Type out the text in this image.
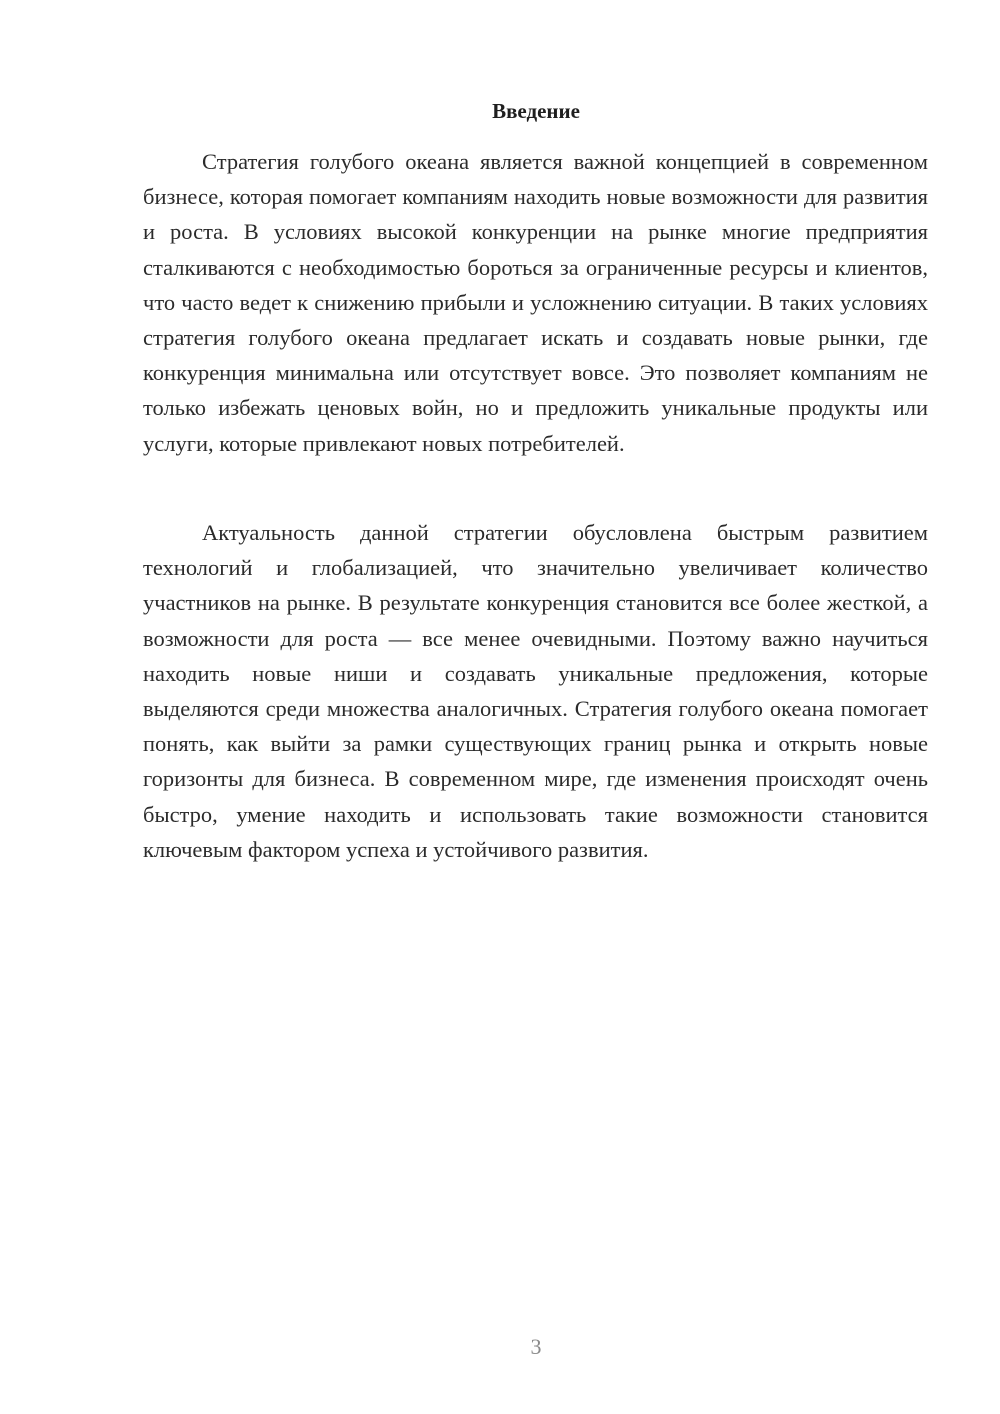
Введение

Стратегия голубого океана является важной концепцией в современном бизнесе, которая помогает компаниям находить новые возможности для развития и роста. В условиях высокой конкуренции на рынке многие предприятия сталкиваются с необходимостью бороться за ограниченные ресурсы и клиентов, что часто ведет к снижению прибыли и усложнению ситуации. В таких условиях стратегия голубого океана предлагает искать и создавать новые рынки, где конкуренция минимальна или отсутствует вовсе. Это позволяет компаниям не только избежать ценовых войн, но и предложить уникальные продукты или услуги, которые привлекают новых потребителей.

Актуальность данной стратегии обусловлена быстрым развитием технологий и глобализацией, что значительно увеличивает количество участников на рынке. В результате конкуренция становится все более жесткой, а возможности для роста — все менее очевидными. Поэтому важно научиться находить новые ниши и создавать уникальные предложения, которые выделяются среди множества аналогичных. Стратегия голубого океана помогает понять, как выйти за рамки существующих границ рынка и открыть новые горизонты для бизнеса. В современном мире, где изменения происходят очень быстро, умение находить и использовать такие возможности становится ключевым фактором успеха и устойчивого развития.

3
